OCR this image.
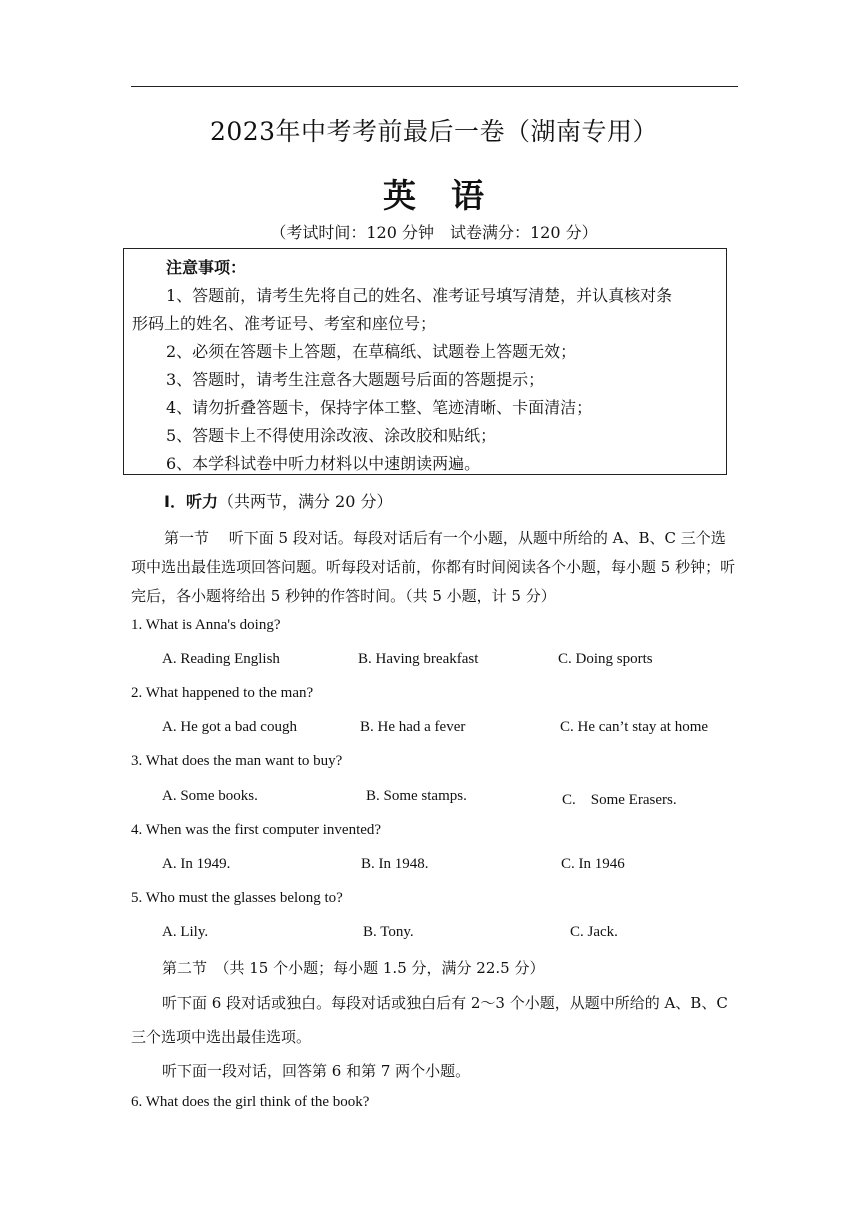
2023年中考考前最后一卷（湖南专用）
英 语
（考试时间：120 分钟　试卷满分：120 分）
注意事项：
1、答题前，请考生先将自己的姓名、准考证号填写清楚，并认真核对条
形码上的姓名、准考证号、考室和座位号；
2、必须在答题卡上答题，在草稿纸、试题卷上答题无效；
3、答题时，请考生注意各大题题号后面的答题提示；
4、请勿折叠答题卡，保持字体工整、笔迹清晰、卡面清洁；
5、答题卡上不得使用涂改液、涂改胶和贴纸；
6、本学科试卷中听力材料以中速朗读两遍。
I．听力（共两节，满分 20 分）
第一节　 听下面 5 段对话。每段对话后有一个小题，从题中所给的 A、B、C 三个选
项中选出最佳选项回答问题。听每段对话前，你都有时间阅读各个小题，每小题 5 秒钟；听
完后，各小题将给出 5 秒钟的作答时间。（共 5 小题，计 5 分）
1. What is Anna's doing?
A. Reading English	B. Having breakfast	C. Doing sports
2. What happened to the man?
A. He got a bad cough	B. He had a fever	C. He can’t stay at home
3. What does the man want to buy?
A. Some books.	B. Some stamps.	C.　Some Erasers.
4. When was the first computer invented?
A. In 1949.	B. In 1948.	C. In 1946
5. Who must the glasses belong to?
A. Lily.	B. Tony.	C. Jack.
第二节　（共 15 个小题；每小题 1.5 分，满分 22.5 分）
听下面 6 段对话或独白。每段对话或独白后有 2～3 个小题，从题中所给的 A、B、C
三个选项中选出最佳选项。
听下面一段对话，回答第 6 和第 7 两个小题。
6. What does the girl think of the book?
